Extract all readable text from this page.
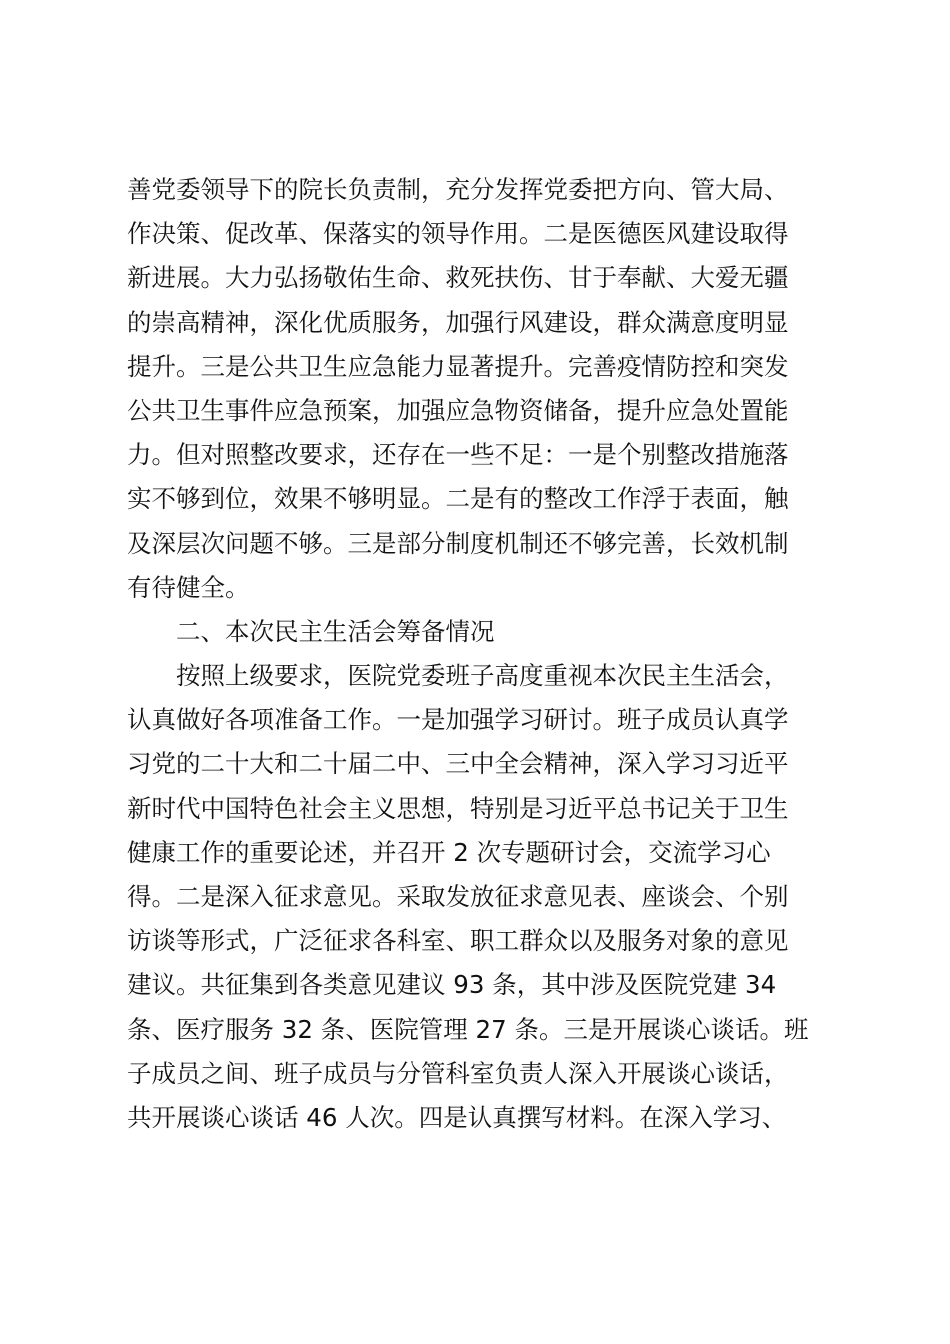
善党委领导下的院长负责制，充分发挥党委把方向、管大局、
作决策、促改革、保落实的领导作用。二是医德医风建设取得
新进展。大力弘扬敬佑生命、救死扶伤、甘于奉献、大爱无疆
的崇高精神，深化优质服务，加强行风建设，群众满意度明显
提升。三是公共卫生应急能力显著提升。完善疫情防控和突发
公共卫生事件应急预案，加强应急物资储备，提升应急处置能
力。但对照整改要求，还存在一些不足：一是个别整改措施落
实不够到位，效果不够明显。二是有的整改工作浮于表面，触
及深层次问题不够。三是部分制度机制还不够完善，长效机制
有待健全。
二、本次民主生活会筹备情况
按照上级要求，医院党委班子高度重视本次民主生活会，
认真做好各项准备工作。一是加强学习研讨。班子成员认真学
习党的二十大和二十届二中、三中全会精神，深入学习习近平
新时代中国特色社会主义思想，特别是习近平总书记关于卫生
健康工作的重要论述，并召开 2 次专题研讨会，交流学习心
得。二是深入征求意见。采取发放征求意见表、座谈会、个别
访谈等形式，广泛征求各科室、职工群众以及服务对象的意见
建议。共征集到各类意见建议 93 条，其中涉及医院党建 34
条、医疗服务 32 条、医院管理 27 条。三是开展谈心谈话。班
子成员之间、班子成员与分管科室负责人深入开展谈心谈话，
共开展谈心谈话 46 人次。四是认真撰写材料。在深入学习、
